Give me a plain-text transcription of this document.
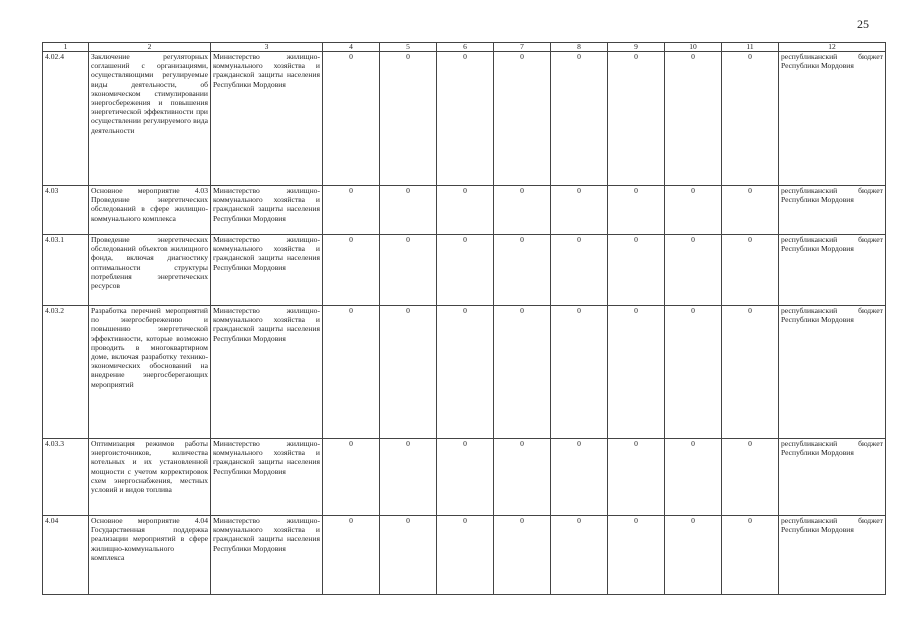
25
1	2	3	4	5	6	7	8	9	10	11	12
4.02.4	Заключение регуляторных соглашений с организациями, осуществляющими регулируемые виды деятельности, об экономическом стимулировании энергосбережения и повышения энергетической эффективности при осуществлении регулируемого вида деятельности	Министерство жилищно-коммунального хозяйства и гражданской защиты населения Республики Мордовия	0	0	0	0	0	0	0	0	республиканский бюджет Республики Мордовия
4.03	Основное мероприятие 4.03 Проведение энергетических обследований в сфере жилищно-коммунального комплекса	Министерство жилищно-коммунального хозяйства и гражданской защиты населения Республики Мордовия	0	0	0	0	0	0	0	0	республиканский бюджет Республики Мордовия
4.03.1	Проведение энергетических обследований объектов жилищного фонда, включая диагностику оптимальности структуры потребления энергетических ресурсов	Министерство жилищно-коммунального хозяйства и гражданской защиты населения Республики Мордовия	0	0	0	0	0	0	0	0	республиканский бюджет Республики Мордовия
4.03.2	Разработка перечней мероприятий по энергосбережению и повышению энергетической эффективности, которые возможно проводить в многоквартирном доме, включая разработку технико-экономических обоснований на внедрение энергосберегающих мероприятий	Министерство жилищно-коммунального хозяйства и гражданской защиты населения Республики Мордовия	0	0	0	0	0	0	0	0	республиканский бюджет Республики Мордовия
4.03.3	Оптимизация режимов работы энергоисточников, количества котельных и их установленной мощности с учетом корректировок схем энергоснабжения, местных условий и видов топлива	Министерство жилищно-коммунального хозяйства и гражданской защиты населения Республики Мордовия	0	0	0	0	0	0	0	0	республиканский бюджет Республики Мордовия
4.04	Основное мероприятие 4.04 Государственная поддержка реализации мероприятий в сфере жилищно-коммунального комплекса	Министерство жилищно-коммунального хозяйства и гражданской защиты населения Республики Мордовия	0	0	0	0	0	0	0	0	республиканский бюджет Республики Мордовия
